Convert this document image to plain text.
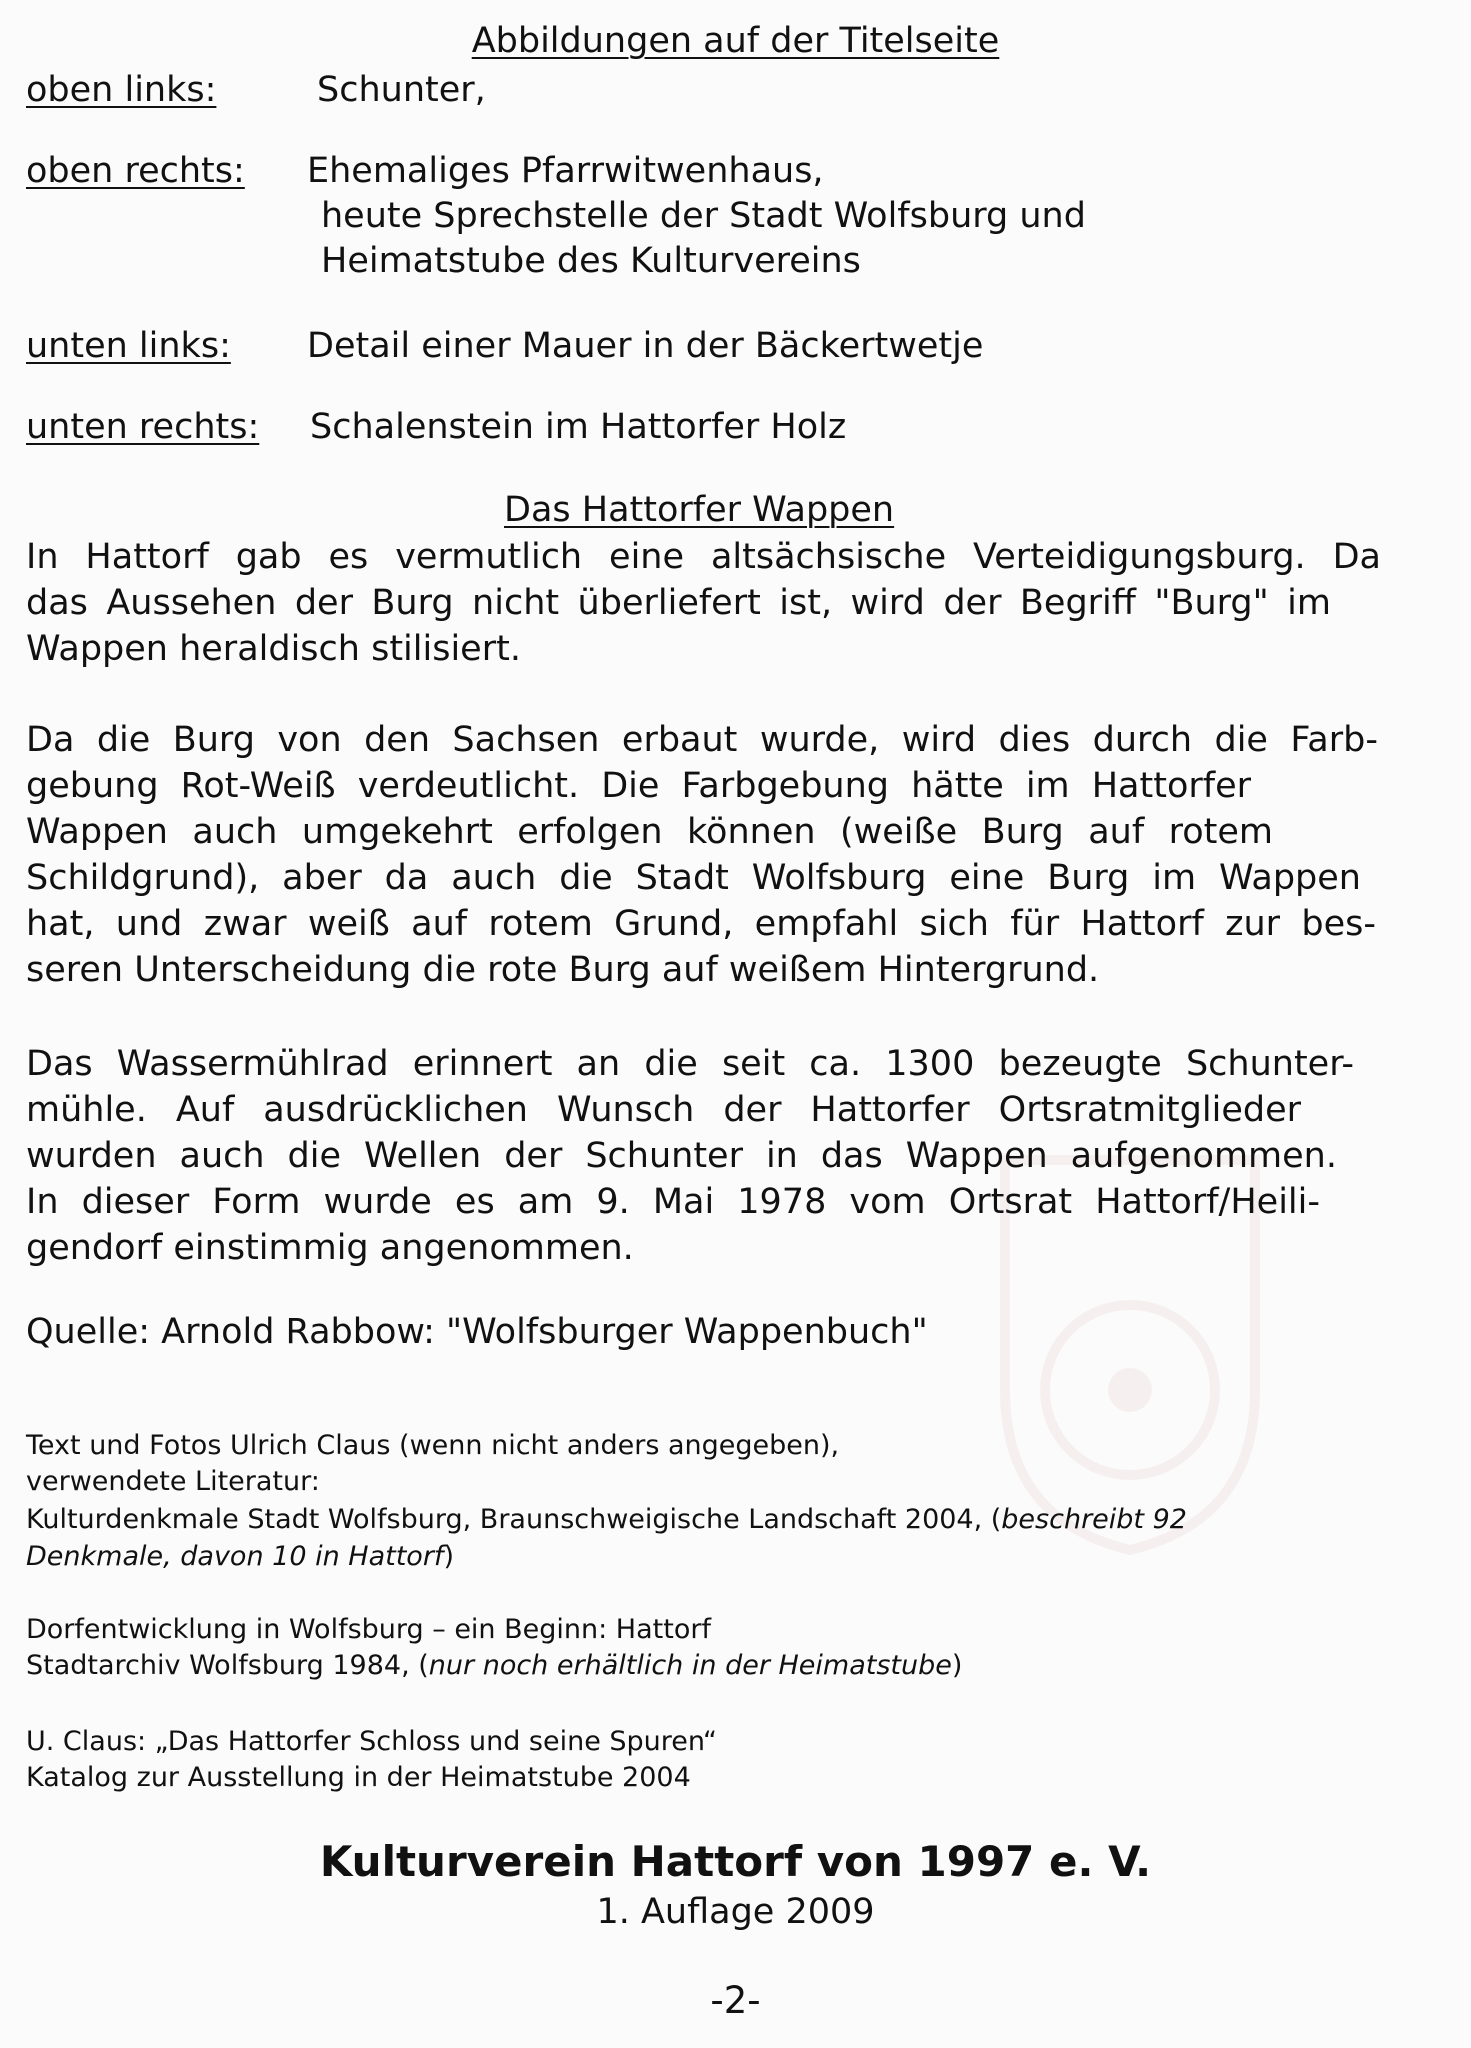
Abbildungen auf der Titelseite
oben links:	Schunter,
oben rechts: Ehemaliges Pfarrwitwenhaus,
heute Sprechstelle der Stadt Wolfsburg und
Heimatstube des Kulturvereins
unten links: Detail einer Mauer in der Bäckertwetje
unten rechts: Schalenstein im Hattorfer Holz
Das Hattorfer Wappen
In Hattorf gab es vermutlich eine altsächsische Verteidigungsburg. Da
das Aussehen der Burg nicht überliefert ist, wird der Begriff "Burg" im
Wappen heraldisch stilisiert.
Da die Burg von den Sachsen erbaut wurde, wird dies durch die Farb-
gebung Rot-Weiß verdeutlicht. Die Farbgebung hätte im Hattorfer
Wappen auch umgekehrt erfolgen können (weiße Burg auf rotem
Schildgrund), aber da auch die Stadt Wolfsburg eine Burg im Wappen
hat, und zwar weiß auf rotem Grund, empfahl sich für Hattorf zur bes-
seren Unterscheidung die rote Burg auf weißem Hintergrund.
Das Wassermühlrad erinnert an die seit ca. 1300 bezeugte Schunter-
mühle. Auf ausdrücklichen Wunsch der Hattorfer Ortsratmitglieder
wurden auch die Wellen der Schunter in das Wappen aufgenommen.
In dieser Form wurde es am 9. Mai 1978 vom Ortsrat Hattorf/Heili-
gendorf einstimmig angenommen.
Quelle: Arnold Rabbow: "Wolfsburger Wappenbuch"
Text und Fotos Ulrich Claus (wenn nicht anders angegeben),
verwendete Literatur:
Kulturdenkmale Stadt Wolfsburg, Braunschweigische Landschaft 2004, (beschreibt 92
Denkmale, davon 10 in Hattorf)
Dorfentwicklung in Wolfsburg – ein Beginn: Hattorf
Stadtarchiv Wolfsburg 1984, (nur noch erhältlich in der Heimatstube)
U. Claus: „Das Hattorfer Schloss und seine Spuren“
Katalog zur Ausstellung in der Heimatstube 2004
Kulturverein Hattorf von 1997 e. V.
1. Auflage 2009
-2-
